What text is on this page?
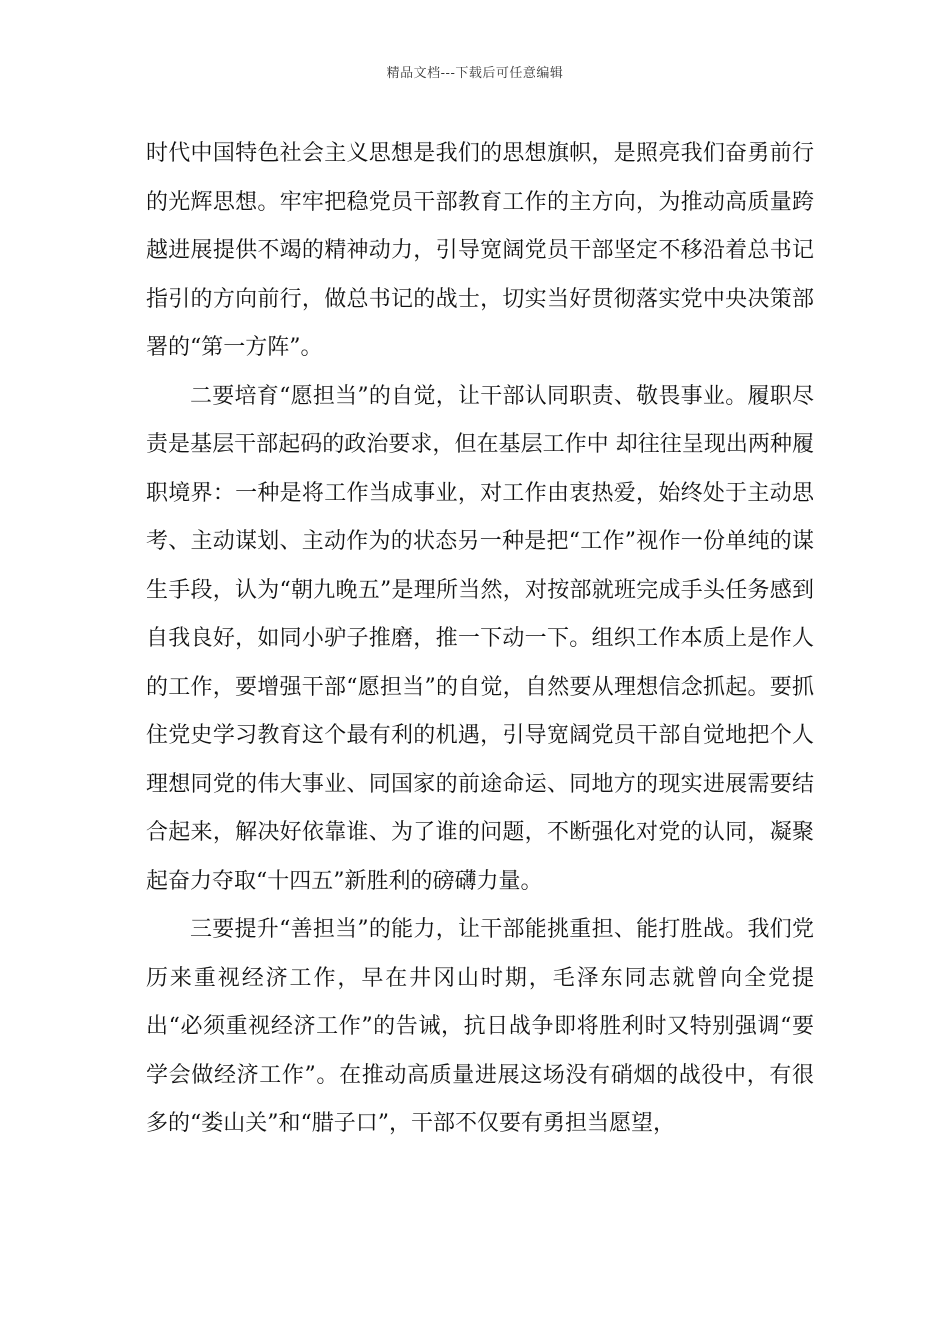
精品文档---下载后可任意编辑

时代中国特色社会主义思想是我们的思想旗帜，是照亮我们奋勇前行的光辉思想。牢牢把稳党员干部教育工作的主方向，为推动高质量跨越进展提供不竭的精神动力，引导宽阔党员干部坚定不移沿着总书记指引的方向前行，做总书记的战士，切实当好贯彻落实党中央决策部署的“第一方阵”。

二要培育“愿担当”的自觉，让干部认同职责、敬畏事业。履职尽责是基层干部起码的政治要求，但在基层工作中 却往往呈现出两种履职境界：一种是将工作当成事业，对工作由衷热爱，始终处于主动思考、主动谋划、主动作为的状态另一种是把“工作”视作一份单纯的谋生手段，认为“朝九晚五”是理所当然，对按部就班完成手头任务感到自我良好，如同小驴子推磨，推一下动一下。组织工作本质上是作人的工作，要增强干部“愿担当”的自觉，自然要从理想信念抓起。要抓住党史学习教育这个最有利的机遇，引导宽阔党员干部自觉地把个人理想同党的伟大事业、同国家的前途命运、同地方的现实进展需要结合起来，解决好依靠谁、为了谁的问题，不断强化对党的认同，凝聚起奋力夺取“十四五”新胜利的磅礴力量。

三要提升“善担当”的能力，让干部能挑重担、能打胜战。我们党历来重视经济工作，早在井冈山时期，毛泽东同志就曾向全党提出“必须重视经济工作”的告诫，抗日战争即将胜利时又特别强调“要学会做经济工作”。在推动高质量进展这场没有硝烟的战役中，有很多的“娄山关”和“腊子口”，干部不仅要有勇担当愿望，
